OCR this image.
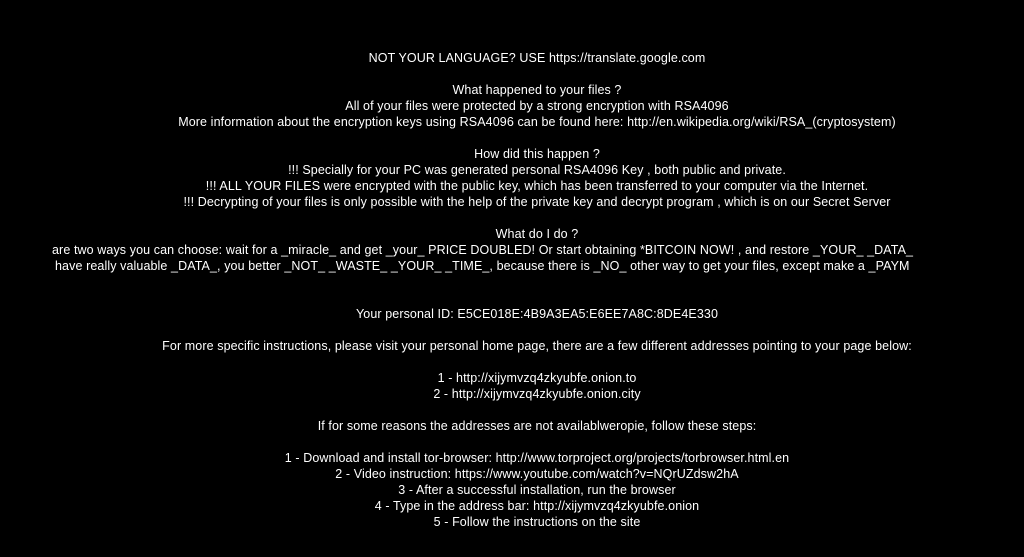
NOT YOUR LANGUAGE? USE https://translate.google.com
What happened to your files ?
All of your files were protected by a strong encryption with RSA4096
More information about the encryption keys using RSA4096 can be found here: http://en.wikipedia.org/wiki/RSA_(cryptosystem)
How did this happen ?
!!! Specially for your PC was generated personal RSA4096 Key , both public and private.
!!! ALL YOUR FILES were encrypted with the public key, which has been transferred to your computer via the Internet.
!!! Decrypting of your files is only possible with the help of the private key and decrypt program , which is on our Secret Server
What do I do ?
are two ways you can choose: wait for a _miracle_ and get _your_ PRICE DOUBLED! Or start obtaining *BITCOIN NOW! , and restore _YOUR_ _DATA_
have really valuable _DATA_, you better _NOT_ _WASTE_ _YOUR_ _TIME_, because there is _NO_ other way to get your files, except make a _PAYM
Your personal ID: E5CE018E:4B9A3EA5:E6EE7A8C:8DE4E330
For more specific instructions, please visit your personal home page, there are a few different addresses pointing to your page below:
1 - http://xijymvzq4zkyubfe.onion.to
2 - http://xijymvzq4zkyubfe.onion.city
If for some reasons the addresses are not availablweropie, follow these steps:
1 - Download and install tor-browser: http://www.torproject.org/projects/torbrowser.html.en
2 - Video instruction: https://www.youtube.com/watch?v=NQrUZdsw2hA
3 - After a successful installation, run the browser
4 - Type in the address bar: http://xijymvzq4zkyubfe.onion
5 - Follow the instructions on the site
